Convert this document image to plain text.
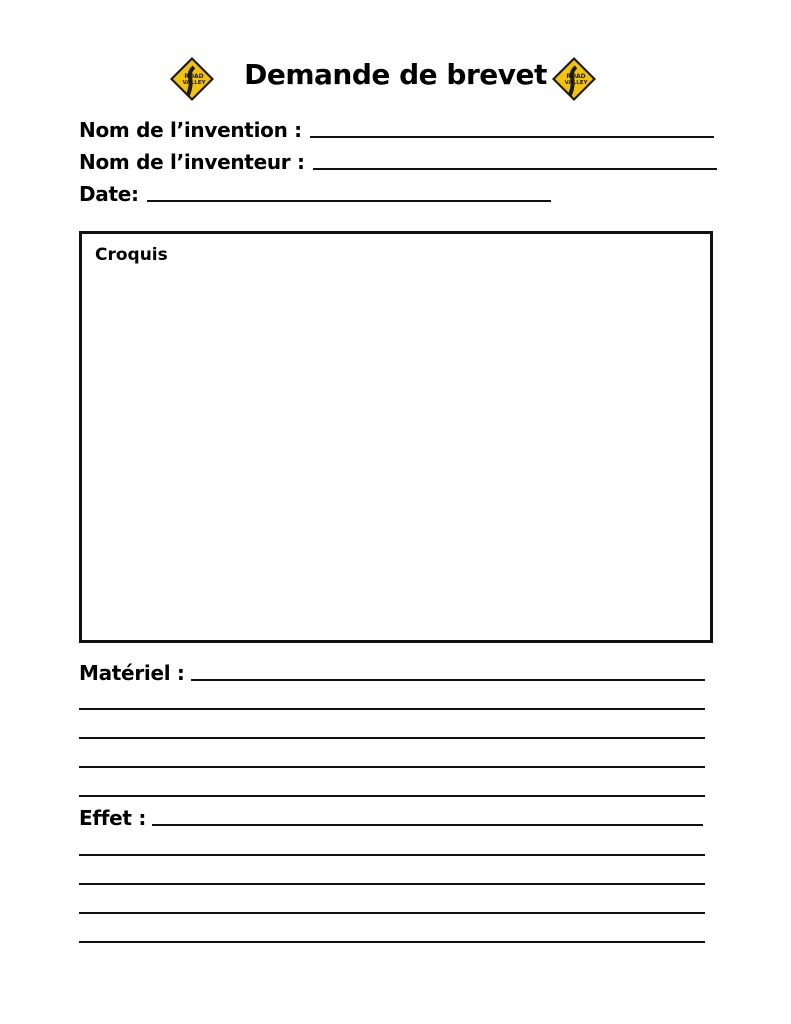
ROAD
VALLEY	Demande de brevet	ROAD
VALLEY
Nom de l’invention :
Nom de l’inventeur :
Date:
Croquis
Matériel :
Effet :
